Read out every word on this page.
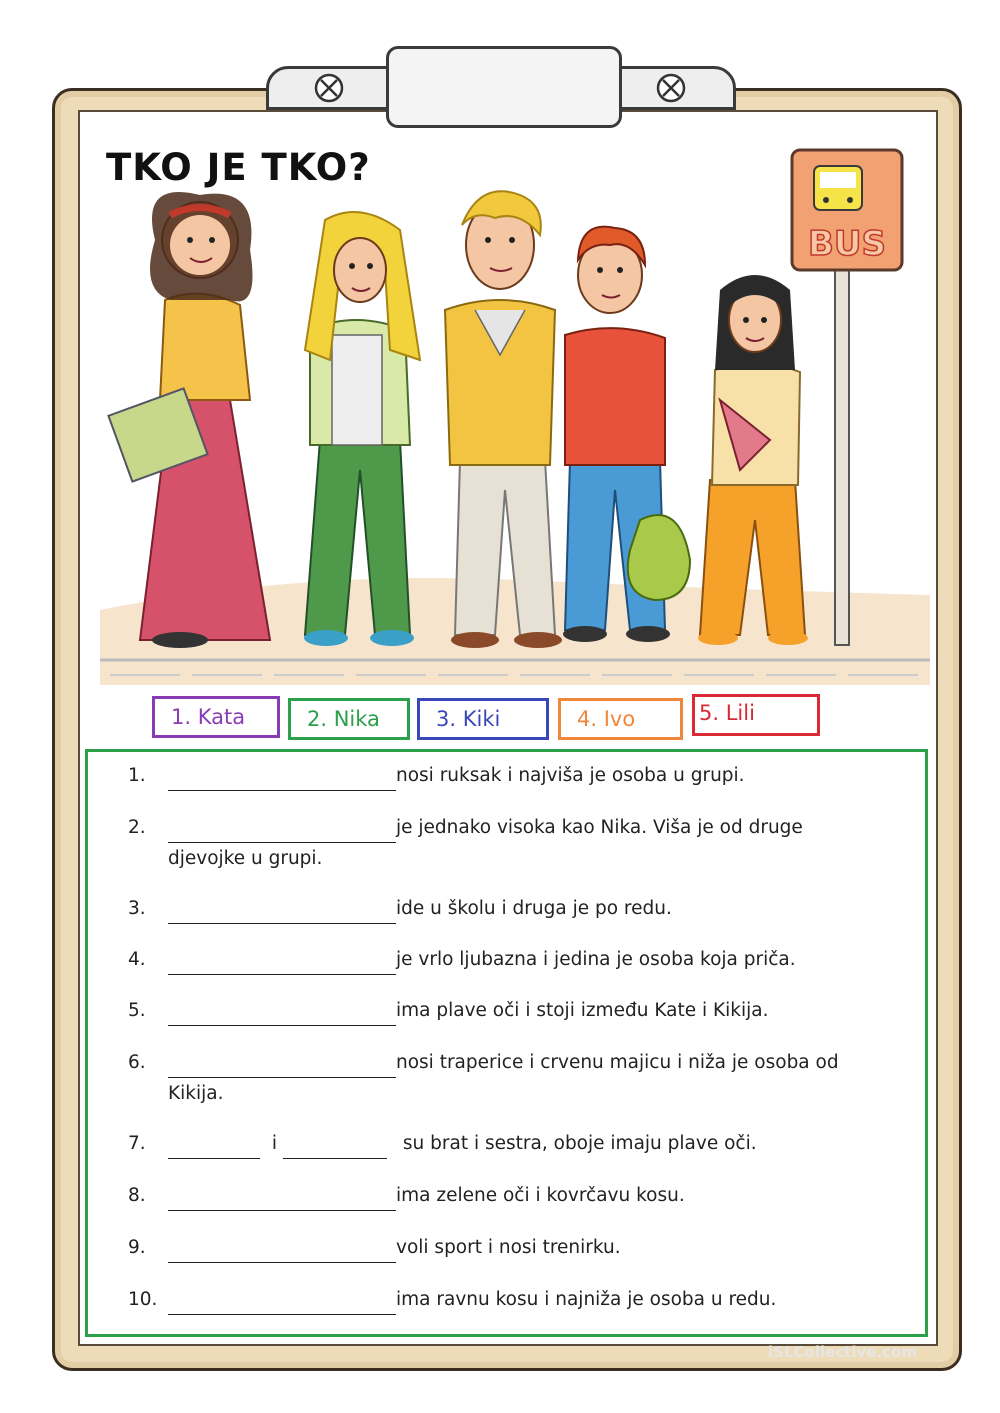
TKO JE TKO?
BUS
1. Kata	2. Nika	3. Kiki	4. Ivo	5. Lili
1.	nosi ruksak i najviša je osoba u grupi.
2.	je jednako visoka kao Nika. Viša je od druge
djevojke u grupi.
3.	ide u školu i druga je po redu.
4.	je vrlo ljubazna i jedina je osoba koja priča.
5.	ima plave oči i stoji između Kate i Kikija.
6.	nosi traperice i crvenu majicu i niža je osoba od
Kikija.
7.	i	su brat i sestra, oboje imaju plave oči.
8.	ima zelene oči i kovrčavu kosu.
9.	voli sport i nosi trenirku.
10.	ima ravnu kosu i najniža je osoba u redu.
iSLCollective.com
